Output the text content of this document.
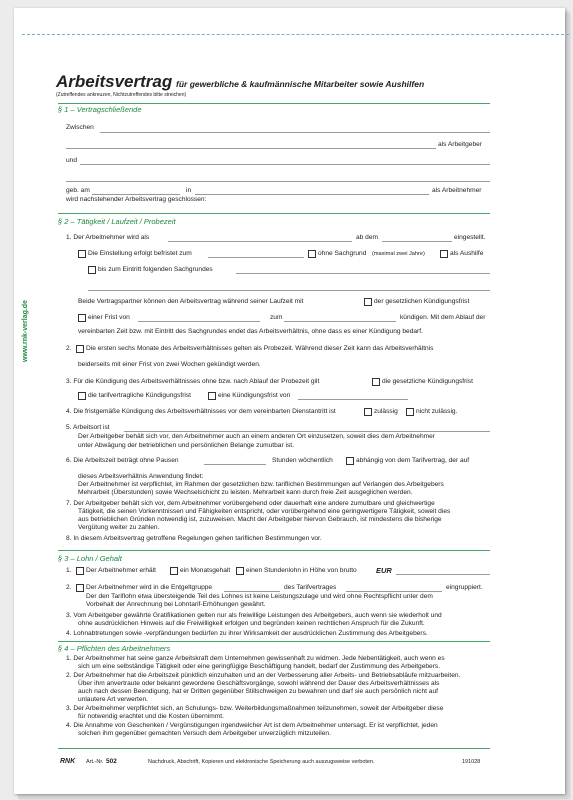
www.rnk-verlag.de
Arbeitsvertrag für gewerbliche & kaufmännische Mitarbeiter sowie Aushilfen
(Zutreffendes ankreuzen, Nichtzutreffendes bitte streichen)
§ 1 – Vertragschließende
Zwischen
als Arbeitgeber
und
geb. am	in	als Arbeitnehmer
wird nachstehender Arbeitsvertrag geschlossen:
§ 2 – Tätigkeit / Laufzeit / Probezeit
1. Der Arbeitnehmer wird als	ab dem	eingestellt.
Die Einstellung erfolgt befristet zum	ohne Sachgrund (maximal zwei Jahre)	als Aushilfe
bis zum Eintritt folgenden Sachgrundes
Beide Vertragspartner können den Arbeitsvertrag während seiner Laufzeit mit	der gesetzlichen Kündigungsfrist
einer Frist von	zum	kündigen. Mit dem Ablauf der
vereinbarten Zeit bzw. mit Eintritt des Sachgrundes endet das Arbeitsverhältnis, ohne dass es einer Kündigung bedarf.
2. Die ersten sechs Monate des Arbeitsverhältnisses gelten als Probezeit. Während dieser Zeit kann das Arbeitsverhältnis
beiderseits mit einer Frist von zwei Wochen gekündigt werden.
3. Für die Kündigung des Arbeitsverhältnisses ohne bzw. nach Ablauf der Probezeit gilt	die gesetzliche Kündigungsfrist
die tarifvertragliche Kündigungsfrist	eine Kündigungsfrist von
4. Die fristgemäße Kündigung des Arbeitsverhältnisses vor dem vereinbarten Dienstantritt ist	zulässig	nicht zulässig.
5. Arbeitsort ist
Der Arbeitgeber behält sich vor, den Arbeitnehmer auch an einem anderen Ort einzusetzen, soweit dies dem Arbeitnehmer
unter Abwägung der betrieblichen und persönlichen Belange zumutbar ist.
6. Die Arbeitszeit beträgt ohne Pausen	Stunden wöchentlich	abhängig von dem Tarifvertrag, der auf
dieses Arbeitsverhältnis Anwendung findet:
Der Arbeitnehmer ist verpflichtet, im Rahmen der gesetzlichen bzw. tariflichen Bestimmungen auf Verlangen des Arbeitgebers
Mehrarbeit (Überstunden) sowie Wechselschicht zu leisten. Mehrarbeit kann durch freie Zeit ausgeglichen werden.
7. Der Arbeitgeber behält sich vor, dem Arbeitnehmer vorübergehend oder dauerhaft eine andere zumutbare und gleichwertige
Tätigkeit, die seinen Vorkenntnissen und Fähigkeiten entspricht, oder vorübergehend eine geringwertigere Tätigkeit, soweit dies
aus betrieblichen Gründen notwendig ist, zuzuweisen. Macht der Arbeitgeber hiervon Gebrauch, ist mindestens die bisherige
Vergütung weiter zu zahlen.
8. In diesem Arbeitsvertrag getroffene Regelungen gehen tariflichen Bestimmungen vor.
§ 3 – Lohn / Gehalt
1. Der Arbeitnehmer erhält	ein Monatsgehalt einen Stundenlohn in Höhe von brutto	EUR
2. Der Arbeitnehmer wird in die Entgeltgruppe	des Tarifvertrages	eingruppiert.
Der den Tariflohn etwa übersteigende Teil des Lohnes ist keine Leistungszulage und wird ohne Rechtspflicht unter dem
Vorbehalt der Anrechnung bei Lohntarif-Erhöhungen gewährt.
3. Vom Arbeitgeber gewährte Gratifikationen gelten nur als freiwillige Leistungen des Arbeitgebers, auch wenn sie wiederholt und
ohne ausdrücklichen Hinweis auf die Freiwilligkeit erfolgen und begründen keinen rechtlichen Anspruch für die Zukunft.
4. Lohnabtretungen sowie -verpfändungen bedürfen zu ihrer Wirksamkeit der ausdrücklichen Zustimmung des Arbeitgebers.
§ 4 – Pflichten des Arbeitnehmers
1. Der Arbeitnehmer hat seine ganze Arbeitskraft dem Unternehmen gewissenhaft zu widmen. Jede Nebentätigkeit, auch wenn es
sich um eine selbständige Tätigkeit oder eine geringfügige Beschäftigung handelt, bedarf der Zustimmung des Arbeitgebers.
2. Der Arbeitnehmer hat die Arbeitszeit pünktlich einzuhalten und an der Verbesserung aller Arbeits- und Betriebsabläufe mitzuarbeiten.
Über ihm anvertraute oder bekannt gewordene Geschäftsvorgänge, sowohl während der Dauer des Arbeitsverhältnisses als
auch nach dessen Beendigung, hat er Dritten gegenüber Stillschweigen zu bewahren und darf sie auch persönlich nicht auf
unlautere Art verwerten.
3. Der Arbeitnehmer verpflichtet sich, an Schulungs- bzw. Weiterbildungsmaßnahmen teilzunehmen, soweit der Arbeitgeber diese
für notwendig erachtet und die Kosten übernimmt.
4. Die Annahme von Geschenken / Vergünstigungen irgendwelcher Art ist dem Arbeitnehmer untersagt. Er ist verpflichtet, jeden
solchen ihm gegenüber gemachten Versuch dem Arbeitgeber unverzüglich mitzuteilen.
RNK Art.-Nr. 502	Nachdruck, Abschrift, Kopieren und elektronische Speicherung auch auszugsweise verboten.	191028
